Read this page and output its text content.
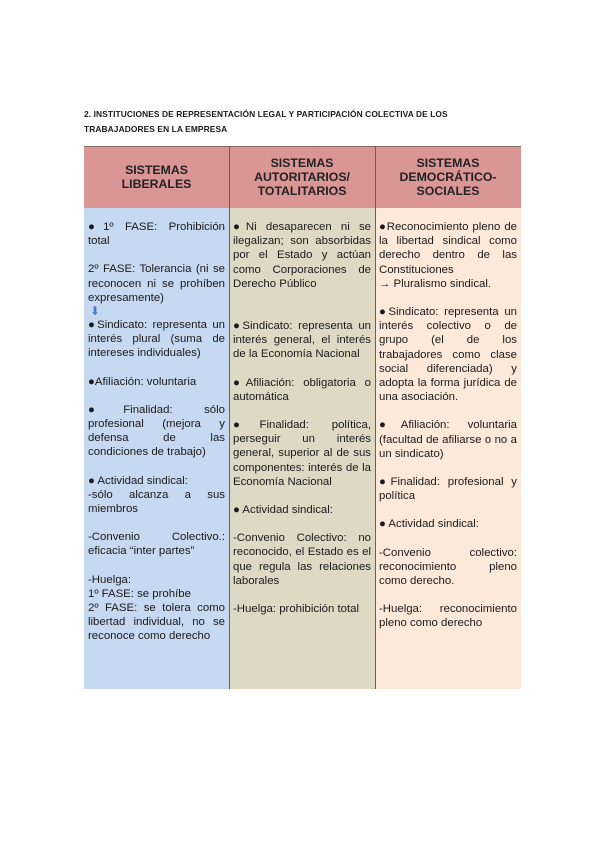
2. INSTITUCIONES DE REPRESENTACIÓN LEGAL Y PARTICIPACIÓN COLECTIVA DE LOS TRABAJADORES EN LA EMPRESA
SISTEMAS
LIBERALES
SISTEMAS
AUTORITARIOS/
TOTALITARIOS
SISTEMAS
DEMOCRÁTICO-
SOCIALES

●1º FASE: Prohibición total

2º FASE: Tolerancia (ni se reconocen ni se prohíben expresamente)

⬇

●Sindicato: representa un interés plural (suma de intereses individuales)

●Afiliación: voluntaria

●Finalidad: sólo profesional (mejora y defensa de las condiciones de trabajo)

● Actividad sindical:

-sólo alcanza a sus miembros

-Convenio Colectivo.: eficacia “inter partes”

-Huelga:

1º FASE: se prohíbe

2º FASE: se tolera como libertad individual, no se reconoce como derecho

●Ni desaparecen ni se ilegalizan; son absorbidas por el Estado y actúan como Corporaciones de Derecho Público

●Sindicato: representa un interés general, el interés de la Economía Nacional

●Afiliación: obligatoria o automática

●Finalidad: política, perseguir un interés general, superior al de sus componentes: interés de la Economía Nacional

● Actividad sindical:

-Convenio Colectivo: no reconocido, el Estado es el que regula las relaciones laborales

-Huelga: prohibición total

●Reconocimiento pleno de la libertad sindical como derecho dentro de las Constituciones

→ Pluralismo sindical.

●Sindicato: representa un interés colectivo o de grupo (el de los trabajadores como clase social diferenciada) y adopta la forma jurídica de una asociación.

●Afiliación: voluntaria (facultad de afiliarse o no a un sindicato)

●Finalidad: profesional y política

● Actividad sindical:

-Convenio colectivo: reconocimiento pleno como derecho.

-Huelga: reconocimiento pleno como derecho
